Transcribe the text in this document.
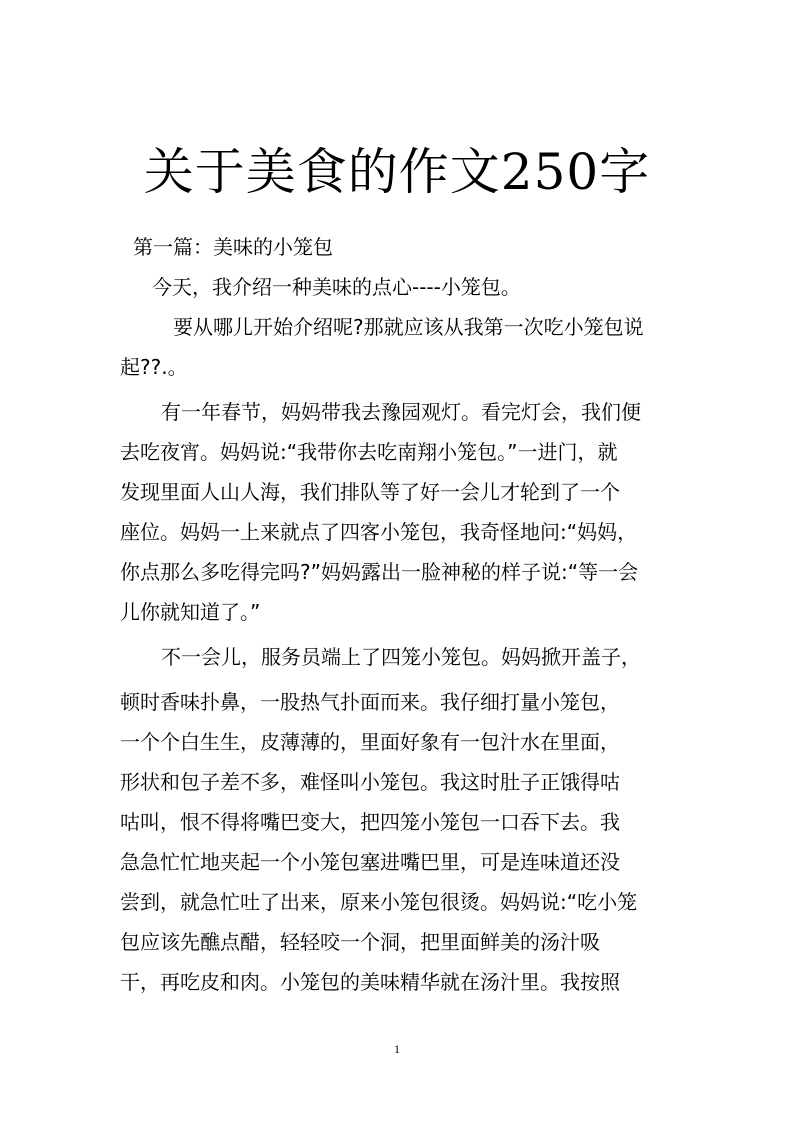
关于美食的作文250字
第一篇：美味的小笼包
今天，我介绍一种美味的点心----小笼包。
要从哪儿开始介绍呢?那就应该从我第一次吃小笼包说
起??.。
有一年春节，妈妈带我去豫园观灯。看完灯会，我们便
去吃夜宵。妈妈说:“我带你去吃南翔小笼包。”一进门，就
发现里面人山人海，我们排队等了好一会儿才轮到了一个
座位。妈妈一上来就点了四客小笼包，我奇怪地问:“妈妈，
你点那么多吃得完吗?”妈妈露出一脸神秘的样子说:“等一会
儿你就知道了。”
不一会儿，服务员端上了四笼小笼包。妈妈掀开盖子，
顿时香味扑鼻，一股热气扑面而来。我仔细打量小笼包，
一个个白生生，皮薄薄的，里面好象有一包汁水在里面，
形状和包子差不多，难怪叫小笼包。我这时肚子正饿得咕
咕叫，恨不得将嘴巴变大，把四笼小笼包一口吞下去。我
急急忙忙地夹起一个小笼包塞进嘴巴里，可是连味道还没
尝到，就急忙吐了出来，原来小笼包很烫。妈妈说:“吃小笼
包应该先醮点醋，轻轻咬一个洞，把里面鲜美的汤汁吸
干，再吃皮和肉。小笼包的美味精华就在汤汁里。我按照
1
